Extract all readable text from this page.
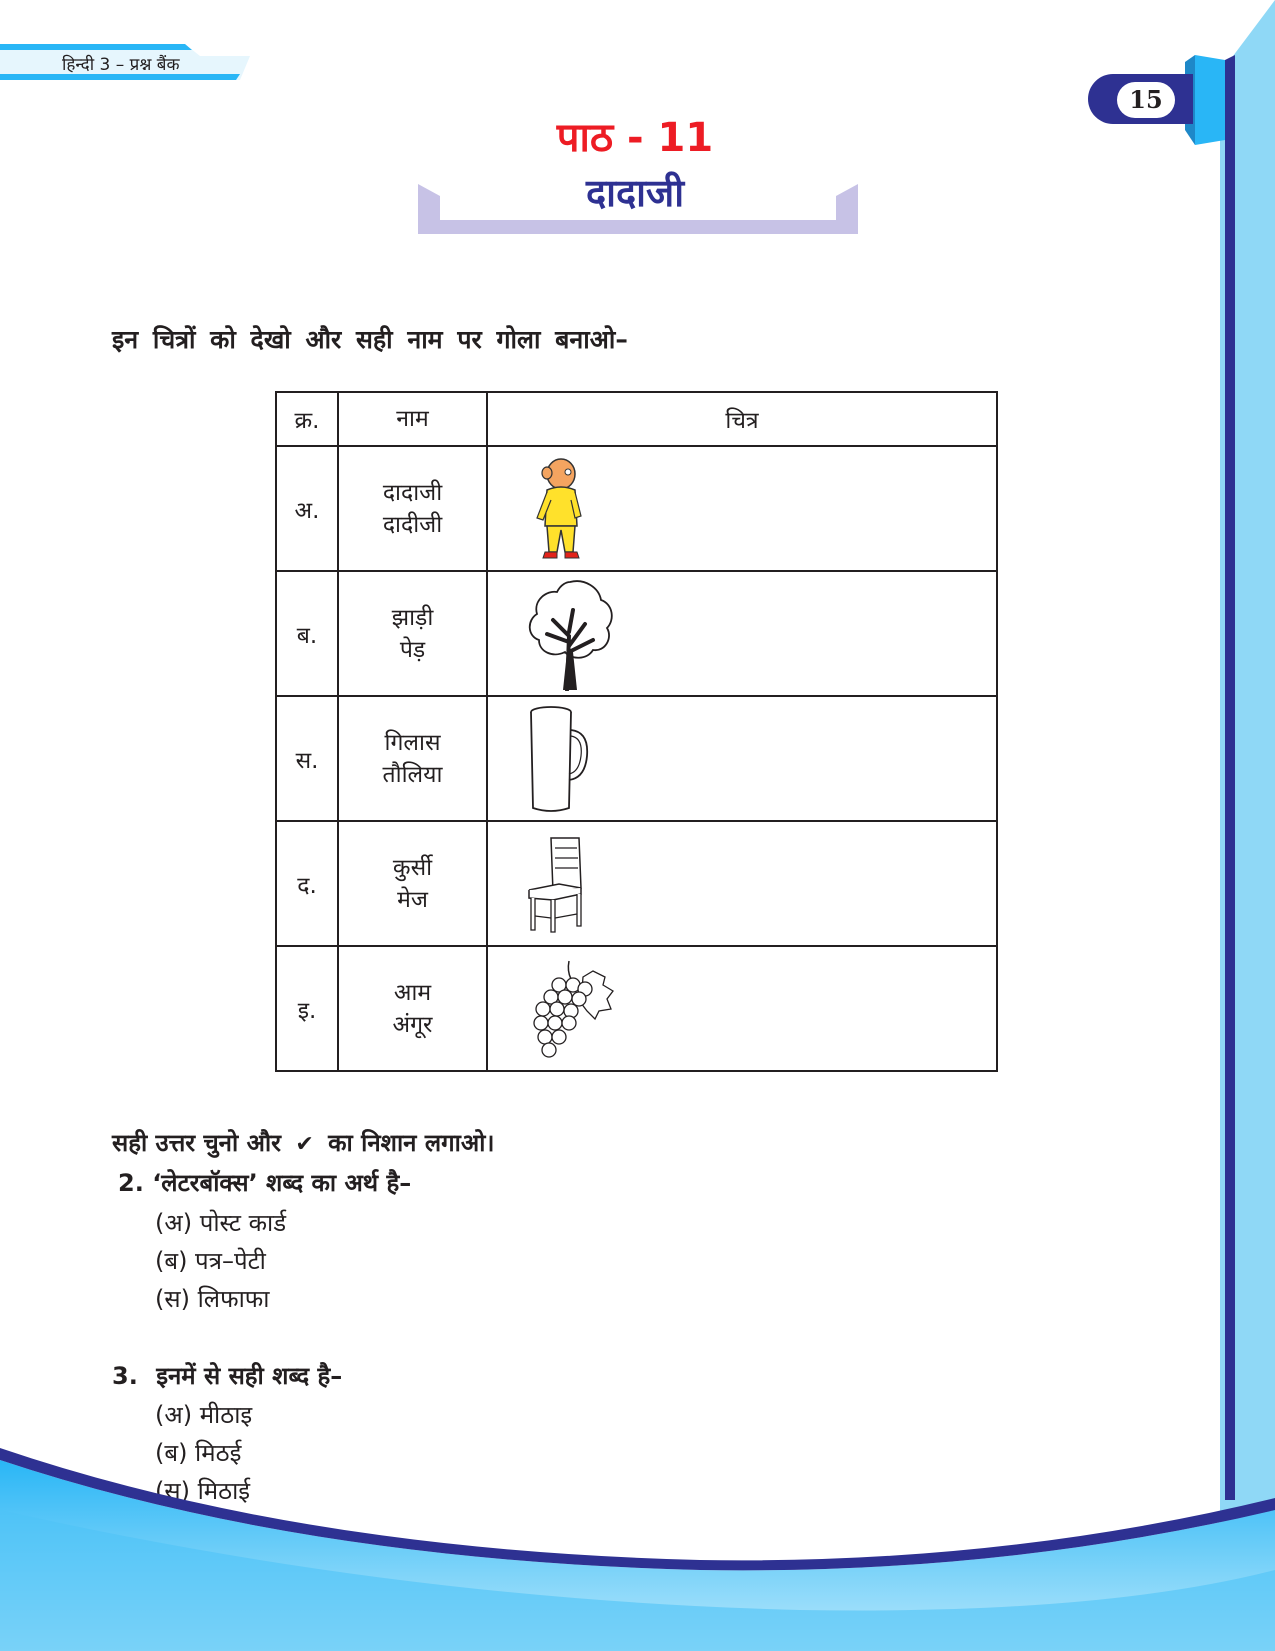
हिन्दी 3 – प्रश्न बैंक
15
पाठ - 11
दादाजी
इन चित्रों को देखो और सही नाम पर गोला बनाओ–
क्र.	नाम	चित्र
अ.	दादाजी
दादीजी

ब.	झाड़ी
पेड़

स.	गिलास
तौलिया

द.	कुर्सी
मेज

इ.	आम
अंगूर

सही उत्तर चुनो और ✔ का निशान लगाओ।
2. ‘लेटरबॉक्स’ शब्द का अर्थ है–
(अ) पोस्ट कार्ड
(ब) पत्र–पेटी
(स) लिफाफा
3. इनमें से सही शब्द है–
(अ) मीठाइ
(ब) मिठई
(स) मिठाई
